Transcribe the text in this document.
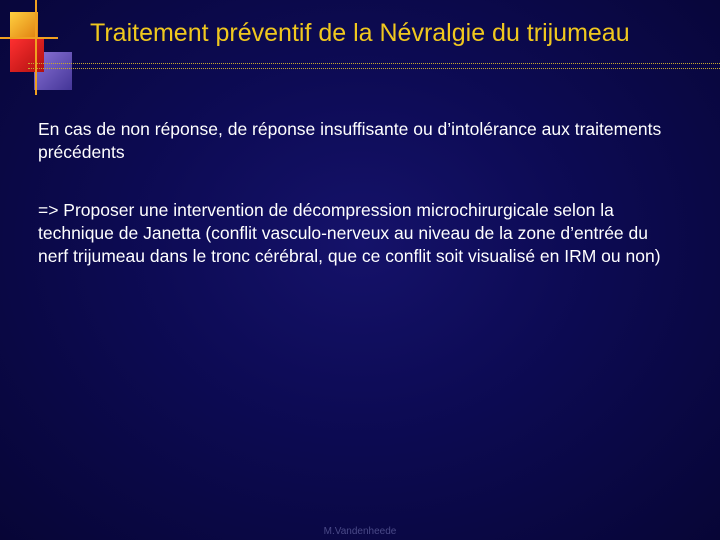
Traitement préventif de la Névralgie du trijumeau

En cas de non réponse, de réponse insuffisante ou d’intolérance aux traitements précédents

=> Proposer une intervention de décompression microchirurgicale selon la technique de Janetta (conflit vasculo-nerveux au niveau de la zone d’entrée du nerf trijumeau dans le tronc cérébral, que ce conflit soit visualisé en IRM ou non)

M.Vandenheede
